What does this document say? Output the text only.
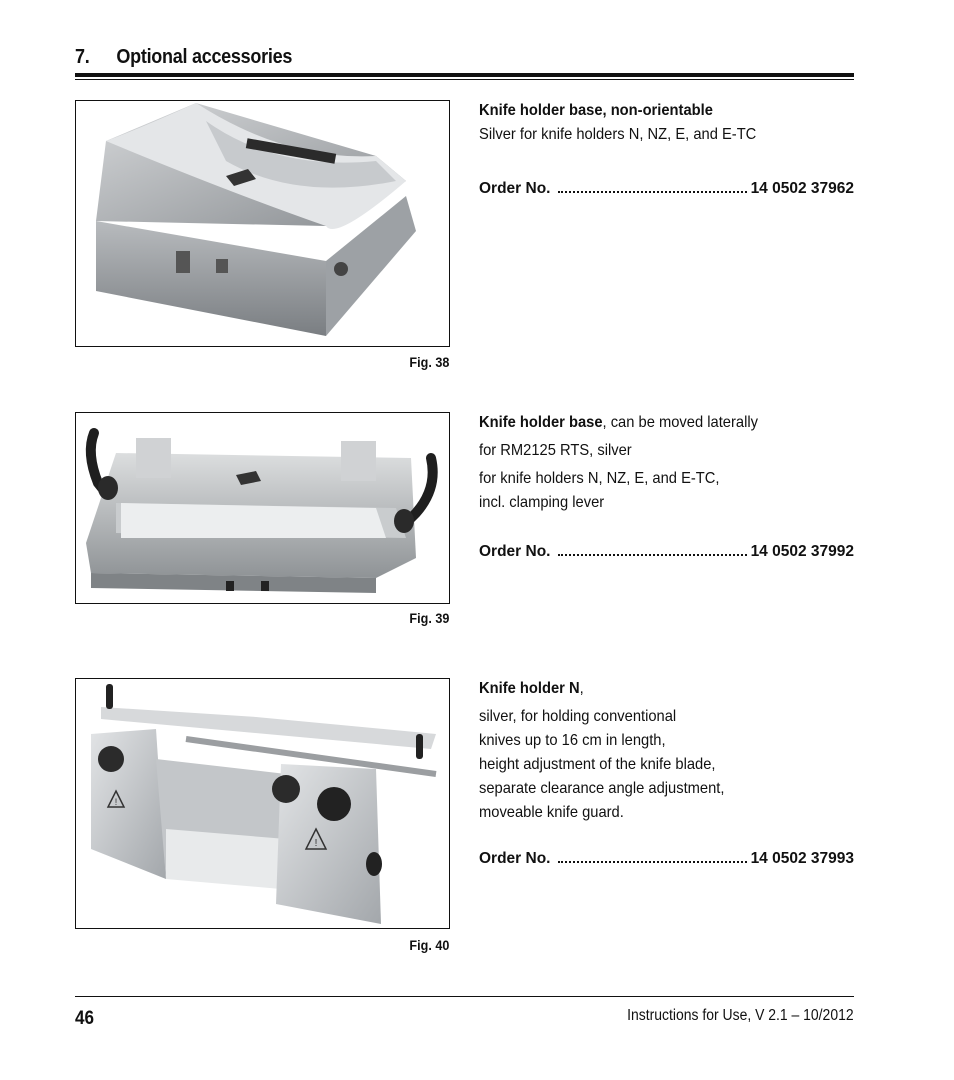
7. Optional accessories
Fig. 38
Knife holder base, non-orientable
Silver for knife holders N, NZ, E, and E-TC
Order No.	14 0502 37962
Fig. 39
Knife holder base, can be moved laterally
for RM2125 RTS, silver
for knife holders N, NZ, E, and E-TC,
incl. clamping lever
Order No.	14 0502 37992
!
!
Fig. 40
Knife holder N,
silver, for holding conventional
knives up to 16 cm in length,
height adjustment of the knife blade,
separate clearance angle adjustment,
moveable knife guard.
Order No.	14 0502 37993
46	Instructions for Use, V 2.1 – 10/2012
